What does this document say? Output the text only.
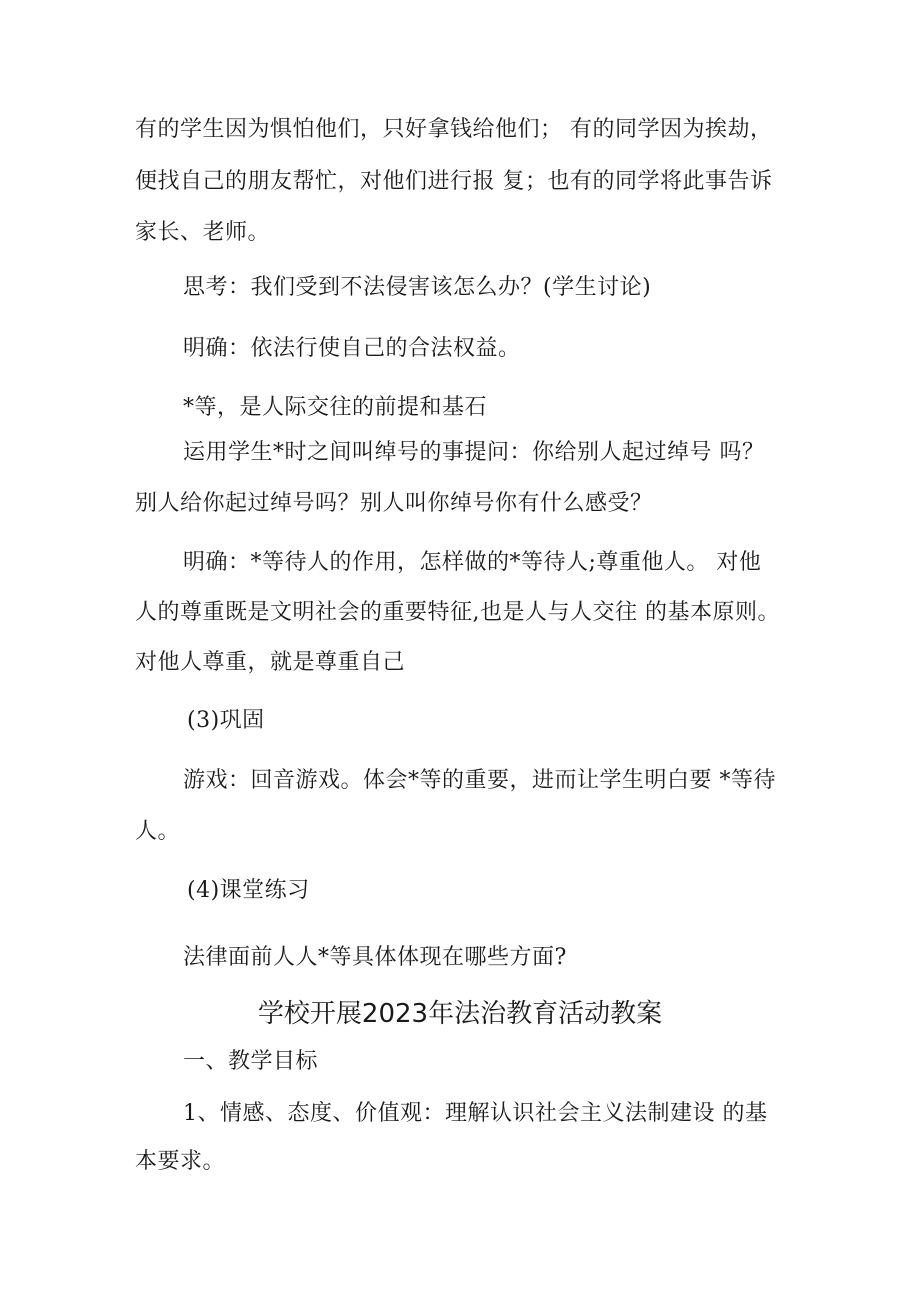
有的学生因为惧怕他们，只好拿钱给他们； 有的同学因为挨劫，
便找自己的朋友帮忙，对他们进行报 复；也有的同学将此事告诉
家长、老师。
思考：我们受到不法侵害该怎么办？(学生讨论)
明确：依法行使自己的合法权益。
*等，是人际交往的前提和基石
运用学生*时之间叫绰号的事提问：你给别人起过绰号 吗？
别人给你起过绰号吗？别人叫你绰号你有什么感受？
明确：*等待人的作用，怎样做的*等待人;尊重他人。 对他
人的尊重既是文明社会的重要特征,也是人与人交往 的基本原则。
对他人尊重，就是尊重自己
(3)巩固
游戏：回音游戏。体会*等的重要，进而让学生明白要 *等待
人。
(4)课堂练习
法律面前人人*等具体体现在哪些方面?
学校开展2023年法治教育活动教案
一、教学目标
1、情感、态度、价值观：理解认识社会主义法制建设 的基
本要求。
